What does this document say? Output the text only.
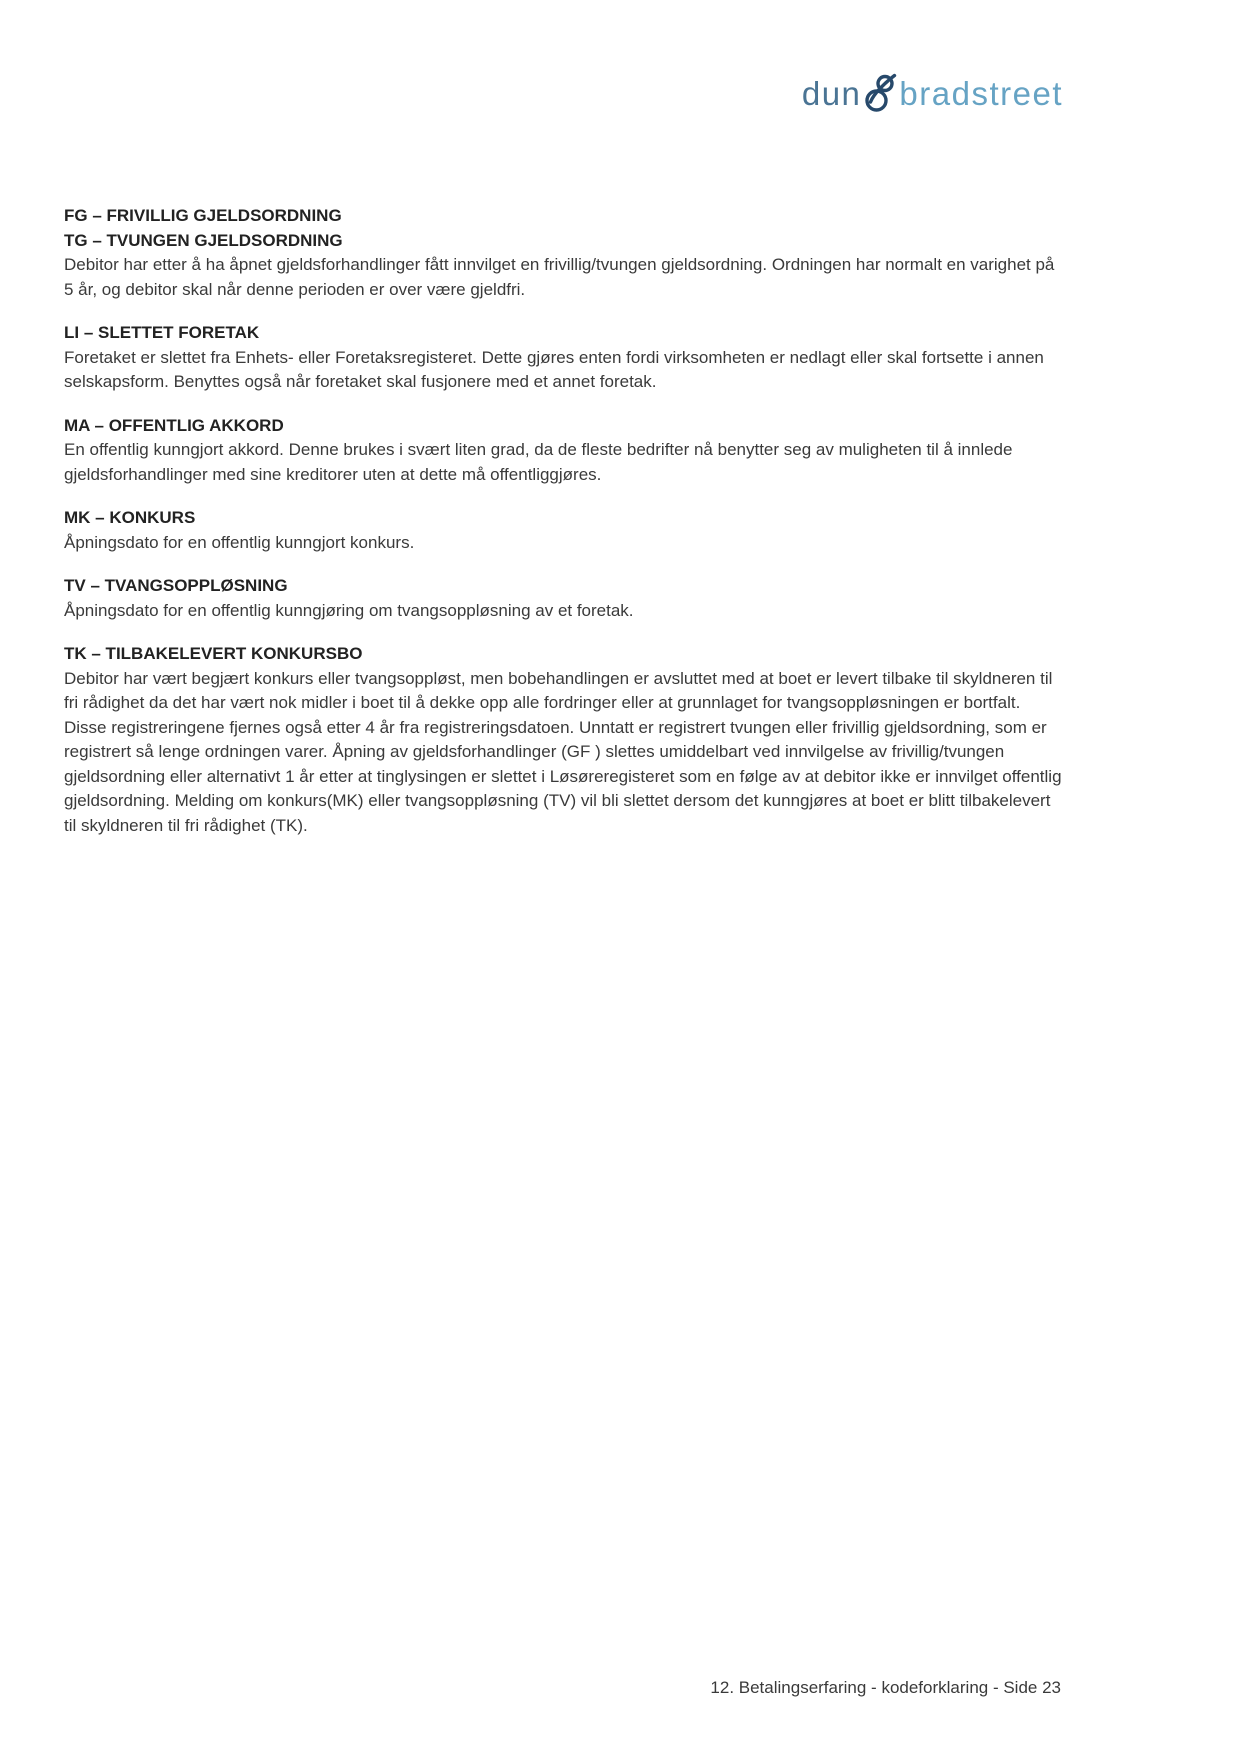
dun bradstreet
FG – FRIVILLIG GJELDSORDNING
TG – TVUNGEN GJELDSORDNING

Debitor har etter å ha åpnet gjeldsforhandlinger fått innvilget en frivillig/tvungen gjeldsordning. Ordningen har normalt en varighet på 5 år, og debitor skal når denne perioden er over være gjeldfri.

LI – SLETTET FORETAK

Foretaket er slettet fra Enhets- eller Foretaksregisteret. Dette gjøres enten fordi virksomheten er nedlagt eller skal fortsette i annen selskapsform. Benyttes også når foretaket skal fusjonere med et annet foretak.

MA – OFFENTLIG AKKORD

En offentlig kunngjort akkord. Denne brukes i svært liten grad, da de fleste bedrifter nå benytter seg av muligheten til å innlede gjeldsforhandlinger med sine kreditorer uten at dette må offentliggjøres.

MK – KONKURS

Åpningsdato for en offentlig kunngjort konkurs.

TV – TVANGSOPPLØSNING

Åpningsdato for en offentlig kunngjøring om tvangsoppløsning av et foretak.

TK – TILBAKELEVERT KONKURSBO

Debitor har vært begjært konkurs eller tvangsoppløst, men bobehandlingen er avsluttet med at boet er levert tilbake til skyldneren til fri rådighet da det har vært nok midler i boet til å dekke opp alle fordringer eller at grunnlaget for tvangsoppløsningen er bortfalt. Disse registreringene fjernes også etter 4 år fra registreringsdatoen. Unntatt er registrert tvungen eller frivillig gjeldsordning, som er registrert så lenge ordningen varer. Åpning av gjeldsforhandlinger (GF ) slettes umiddelbart ved innvilgelse av frivillig/tvungen gjeldsordning eller alternativt 1 år etter at tinglysingen er slettet i Løsøreregisteret som en følge av at debitor ikke er innvilget offentlig gjeldsordning. Melding om konkurs(MK) eller tvangsoppløsning (TV) vil bli slettet dersom det kunngjøres at boet er blitt tilbakelevert til skyldneren til fri rådighet (TK).

12. Betalingserfaring - kodeforklaring - Side 23
